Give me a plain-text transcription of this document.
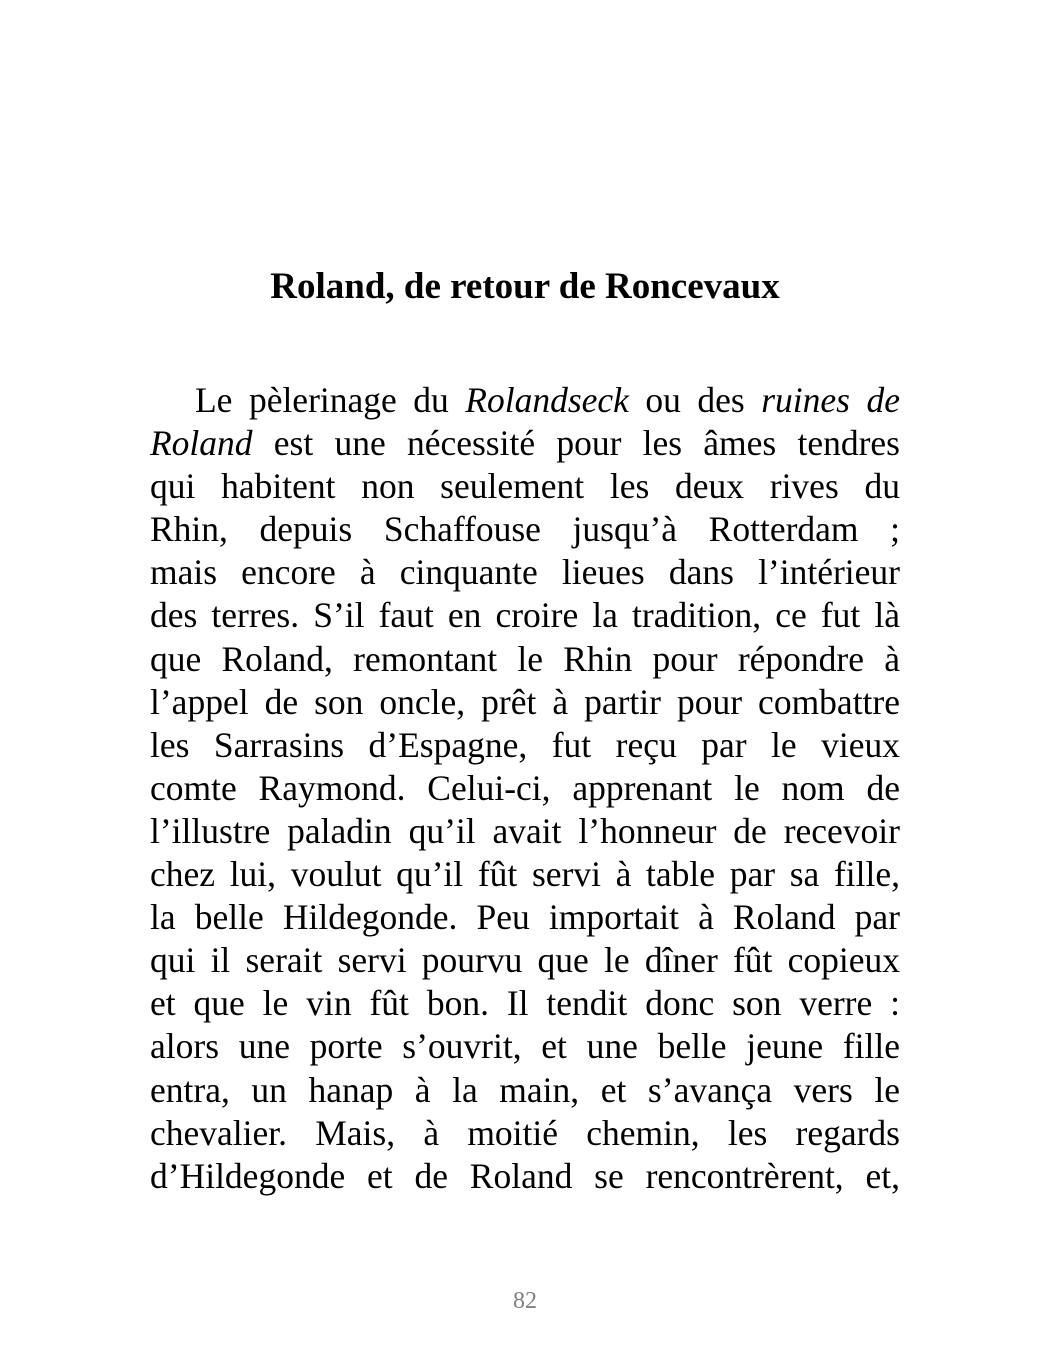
Roland, de retour de Roncevaux
Le pèlerinage du Rolandseck ou des ruines de
Roland est une nécessité pour les âmes tendres
qui habitent non seulement les deux rives du
Rhin, depuis Schaffouse jusqu’à Rotterdam ;
mais encore à cinquante lieues dans l’intérieur
des terres. S’il faut en croire la tradition, ce fut là
que Roland, remontant le Rhin pour répondre à
l’appel de son oncle, prêt à partir pour combattre
les Sarrasins d’Espagne, fut reçu par le vieux
comte Raymond. Celui-ci, apprenant le nom de
l’illustre paladin qu’il avait l’honneur de recevoir
chez lui, voulut qu’il fût servi à table par sa fille,
la belle Hildegonde. Peu importait à Roland par
qui il serait servi pourvu que le dîner fût copieux
et que le vin fût bon. Il tendit donc son verre :
alors une porte s’ouvrit, et une belle jeune fille
entra, un hanap à la main, et s’avança vers le
chevalier. Mais, à moitié chemin, les regards
d’Hildegonde et de Roland se rencontrèrent, et,
82
